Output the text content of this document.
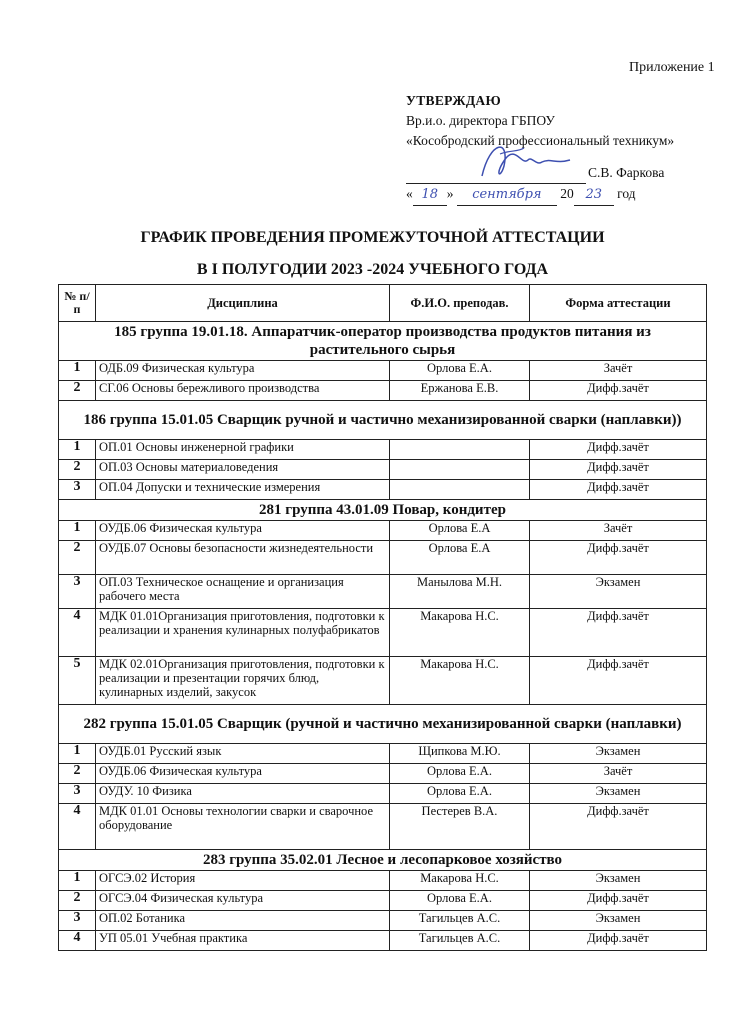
Приложение 1
УТВЕРЖДАЮ
Вр.и.о. директора ГБПОУ
«Кособродский профессиональный техникум»

С.В. Фаркова
« 18 » сентября 20 23 год
ГРАФИК ПРОВЕДЕНИЯ ПРОМЕЖУТОЧНОЙ АТТЕСТАЦИИ
В I ПОЛУГОДИИ 2023 -2024 УЧЕБНОГО ГОДА
№ п/п	Дисциплина	Ф.И.О. преподав.	Форма аттестации
185 группа 19.01.18. Аппаратчик-оператор производства продуктов питания из растительного сырья			
1	ОДБ.09 Физическая культура	Орлова Е.А.	Зачёт
2	СГ.06 Основы бережливого производства	Ержанова Е.В.	Дифф.зачёт
186 группа 15.01.05 Сварщик ручной и частично механизированной сварки (наплавки))			
1	ОП.01 Основы инженерной графики		Дифф.зачёт
2	ОП.03 Основы материаловедения		Дифф.зачёт
3	ОП.04 Допуски и технические измерения		Дифф.зачёт
281 группа 43.01.09 Повар, кондитер			
1	ОУДБ.06 Физическая культура	Орлова Е.А	Зачёт
2	ОУДБ.07 Основы безопасности жизнедеятельности	Орлова Е.А	Дифф.зачёт
3	ОП.03 Техническое оснащение и организация рабочего места	Манылова М.Н.	Экзамен
4	МДК 01.01Организация приготовления, подготовки к реализации и хранения кулинарных полуфабрикатов	Макарова Н.С.	Дифф.зачёт
5	МДК 02.01Организация приготовления, подготовки к реализации и презентации горячих блюд, кулинарных изделий, закусок	Макарова Н.С.	Дифф.зачёт
282 группа 15.01.05 Сварщик (ручной и частично механизированной сварки (наплавки)			
1	ОУДБ.01 Русский язык	Щипкова М.Ю.	Экзамен
2	ОУДБ.06 Физическая культура	Орлова Е.А.	Зачёт
3	ОУДУ. 10 Физика	Орлова Е.А.	Экзамен
4	МДК 01.01 Основы технологии сварки и сварочное оборудование	Пестерев В.А.	Дифф.зачёт
283 группа 35.02.01 Лесное и лесопарковое хозяйство			
1	ОГСЭ.02 История	Макарова Н.С.	Экзамен
2	ОГСЭ.04 Физическая культура	Орлова Е.А.	Дифф.зачёт
3	ОП.02 Ботаника	Тагильцев А.С.	Экзамен
4	УП 05.01 Учебная практика	Тагильцев А.С.	Дифф.зачёт
